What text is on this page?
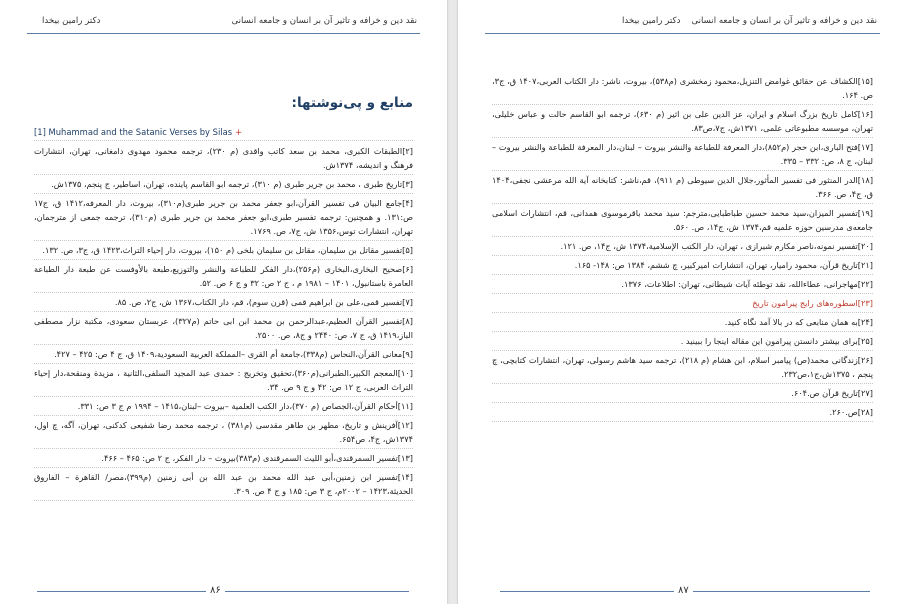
نقد دین و خرافه و تاثیر آن بر انسان و جامعه انسانی
دکتر رامین بیخدا
منابع و پی‌نوشتها:
[1] Muhammad and the Satanic Verses by Silas +
[۲]الطبقات الکبری، محمد بن سعد کاتب واقدی (م ۲۳۰)، ترجمه محمود مهدوی دامغانی، تهران، انتشارات فرهنگ و اندیشه، ۱۳۷۴ش.
[۳]تاریخ طبری ، محمد بن جریر طبری (م ۳۱۰)، ترجمه ابو القاسم پاینده، تهران، اساطیر، ج پنجم، ۱۳۷۵ش.
[۴]جامع البیان فی تفسیر القرآن،ابو جعفر محمد بن جریر طبری(م۳۱۰)، بیروت، دار المعرفه،۱۴۱۲ ق، ج۱۷ ص:۱۳۱. و همچنین: ترجمه تفسیر طبری،ابو جعفر محمد بن جریر طبری (م۳۱۰)، ترجمه جمعی از مترجمان، تهران، انتشارات توس،۱۳۵۶ ش، ج۷، ص. ۱۷۶۹.
[۵]تفسیر مقاتل بن سلیمان، مقاتل بن سلیمان بلخی (م ۱۵۰)، بیروت، دار إحیاء التراث،۱۴۲۳ ق، ج۳، ص. ۱۳۲.
[۶]صحیح البخاری،البخاری (م۲۵۶)،دار الفکر للطباعة والنشر والتوزیع،طبعة بالأوفست عن طبعة دار الطباعة العامرة باستانبول، ۱۴۰۱ – ۱۹۸۱ م ، ج ۲ ص: ۳۲ و ج ۶ ص. ۵۲.
[۷]تفسیر قمی،علی بن ابراهیم قمی (قرن سوم)، قم، دار الکتاب،۱۳۶۷ ش، ج۲، ص. ۸۵.
[۸]تفسیر القرآن العظیم،عبدالرحمن بن محمد ابن ابی حاتم (م۳۲۷)، عربستان سعودی، مکتبة نزار مصطفی الباز،۱۴۱۹ ق، ج ۷، ص: ۲۴۴۰ و ج۸، ص. ۲۵۰۰.
[۹]معانی القرآن،النحاس (م۳۳۸)،جامعة أم القرى –المملكة العربية السعودية،۱۴۰۹ ق، ج ۴ ص: ۴۲۵ – ۴۲۷.
[۱۰]المعجم الکبیر،الطبرانی(م۳۶۰)،تحقیق وتخریج : حمدی عبد المجید السلفی،الثانیة ، مزیدة ومنقحة،دار إحیاء التراث العربی، ج ۱۲ ص: ۴۲ و ج ۹ ص. ۳۴.
[۱۱]أحکام القرآن،الجصاص (م ۳۷۰)،دار الکتب العلمیة –بیروت –لبنان،۱۴۱۵ – ۱۹۹۴ م ج ۳ ص: ۳۳۱.
[۱۲]آفرینش و تاریخ، مطهر بن طاهر مقدسی (م۳۸۱) ، ترجمه محمد رضا شفیعی کدکنی، تهران، آگه، چ اول، ۱۳۷۴ش، ج۴، ص۶۵۴.
[۱۳]تفسیر السمرقندی،أبو اللیث السمرقندی (م۳۸۳)بیروت – دار الفكر، ج ۲ ص: ۴۶۵ – ۴۶۶.
[۱۴]تفسیر ابن زمنین،أبی عبد الله محمد بن عبد الله بن أبی زمنین (م۳۹۹)،مصر/ القاهرة – الفاروق الحدیثة،۱۴۲۳ – ۲۰۰۲م، ج ۳ ص: ۱۸۵ و ج ۴ ص. ۳۰۹.
۸۶
نقد دین و خرافه و تاثیر آن بر انسان و جامعه انسانی
دکتر رامین بیخدا
[۱۵]الکشاف عن حقائق غوامض التنزیل،محمود زمخشری (م۵۳۸)، بیروت، ناشر: دار الکتاب العربی،۱۴۰۷ ق، ج۳، ص. ۱۶۴.
[۱۶]کامل تاریخ بزرگ اسلام و ایران، عز الدین علی بن اثیر (م ۶۳۰)، ترجمه ابو القاسم حالت و عباس خلیلی، تهران، موسسه مطبوعاتی علمی، ۱۳۷۱ش، ج۷،ص۸۳.
[۱۷]فتح الباری،ابن حجر (م۸۵۲)،دار المعرفة للطباعة والنشر بیروت – لبنان،دار المعرفة للطباعة والنشر بیروت – لبنان، ج ۸، ص: ۳۳۲ – ۳۳۵.
[۱۸]الدر المنثور فی تفسیر المأثور،جلال الدین سیوطی (م ۹۱۱)، قم،ناشر: کتابخانه آیة الله مرعشی نجفی،۱۴۰۴ ق، ج۴، ص. ۳۶۶.
[۱۹]تفسیر المیزان،سید محمد حسین طباطبایی،مترجم: سید محمد باقرموسوی همدانی، قم، انتشارات اسلامی جامعه‌ی مدرسین حوزه علمیه قم،۱۳۷۴ ش، ج۱۴، ص. ۵۶۰.
[۲۰]تفسیر نمونه،ناصر مکارم شیرازی ، تهران، دار الکتب الإسلامیة،۱۳۷۴ ش، ج۱۴، ص. ۱۲۱.
[۲۱]تاریخ قرآن، محمود رامیار، تهران، انتشارات امیرکبیر، چ ششم، ۱۳۸۴ ص: ۱۴۸- ۱۶۵.
[۲۲]مهاجرانی، عطاءالله، نقد توطئه آیات شیطانی، تهران: اطلاعات، ۱۳۷۶.
[۲۳]اسطوره‌های رایج پیرامون تاریخ
[۲۴]به همان منابعی که در بالا آمد نگاه کنید.
[۲۵]برای بیشتر دانستن پیرامون این مقاله اینجا را ببینید .
[۲۶]زندگانی محمد(ص) پیامبر اسلام، ابن هشام (م ۲۱۸)، ترجمه سید هاشم رسولی، تهران، انتشارات کتابچی، چ پنجم ، ۱۳۷۵ش،ج۱،ص۲۳۲.
[۲۷]تاریخ قرآن ص.۶۰۴.
[۲۸]ص.۲۶۰.
۸۷
